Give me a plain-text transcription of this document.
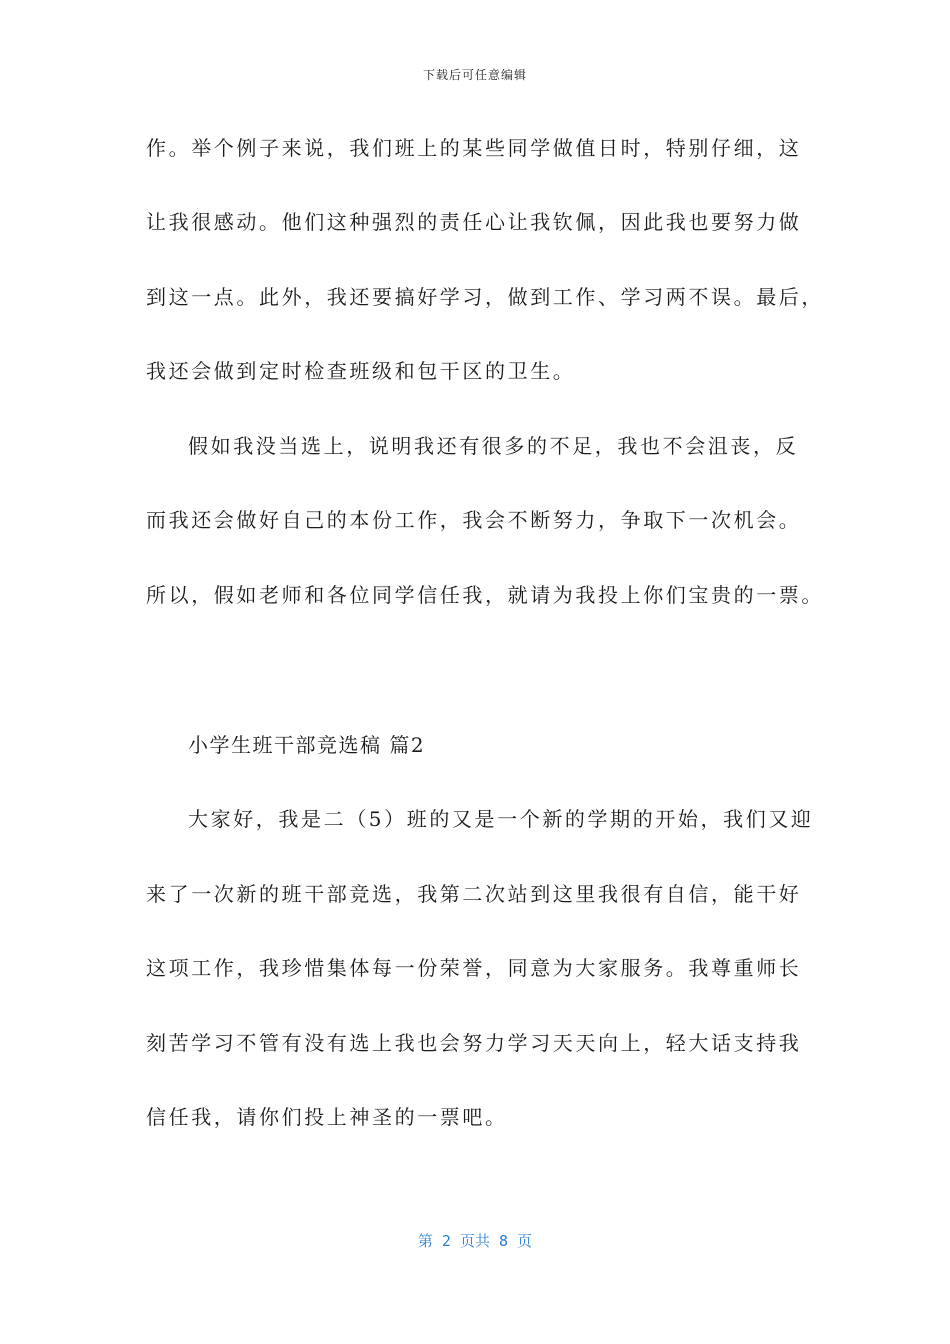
下载后可任意编辑
作。举个例子来说，我们班上的某些同学做值日时，特别仔细，这
让我很感动。他们这种强烈的责任心让我钦佩，因此我也要努力做
到这一点。此外，我还要搞好学习，做到工作、学习两不误。最后，
我还会做到定时检查班级和包干区的卫生。
假如我没当选上，说明我还有很多的不足，我也不会沮丧，反
而我还会做好自己的本份工作，我会不断努力，争取下一次机会。
所以，假如老师和各位同学信任我，就请为我投上你们宝贵的一票。
小学生班干部竞选稿 篇2
大家好，我是二（5）班的又是一个新的学期的开始，我们又迎
来了一次新的班干部竞选，我第二次站到这里我很有自信，能干好
这项工作，我珍惜集体每一份荣誉，同意为大家服务。我尊重师长
刻苦学习不管有没有选上我也会努力学习天天向上，轻大话支持我
信任我，请你们投上神圣的一票吧。
第 2 页共 8 页
